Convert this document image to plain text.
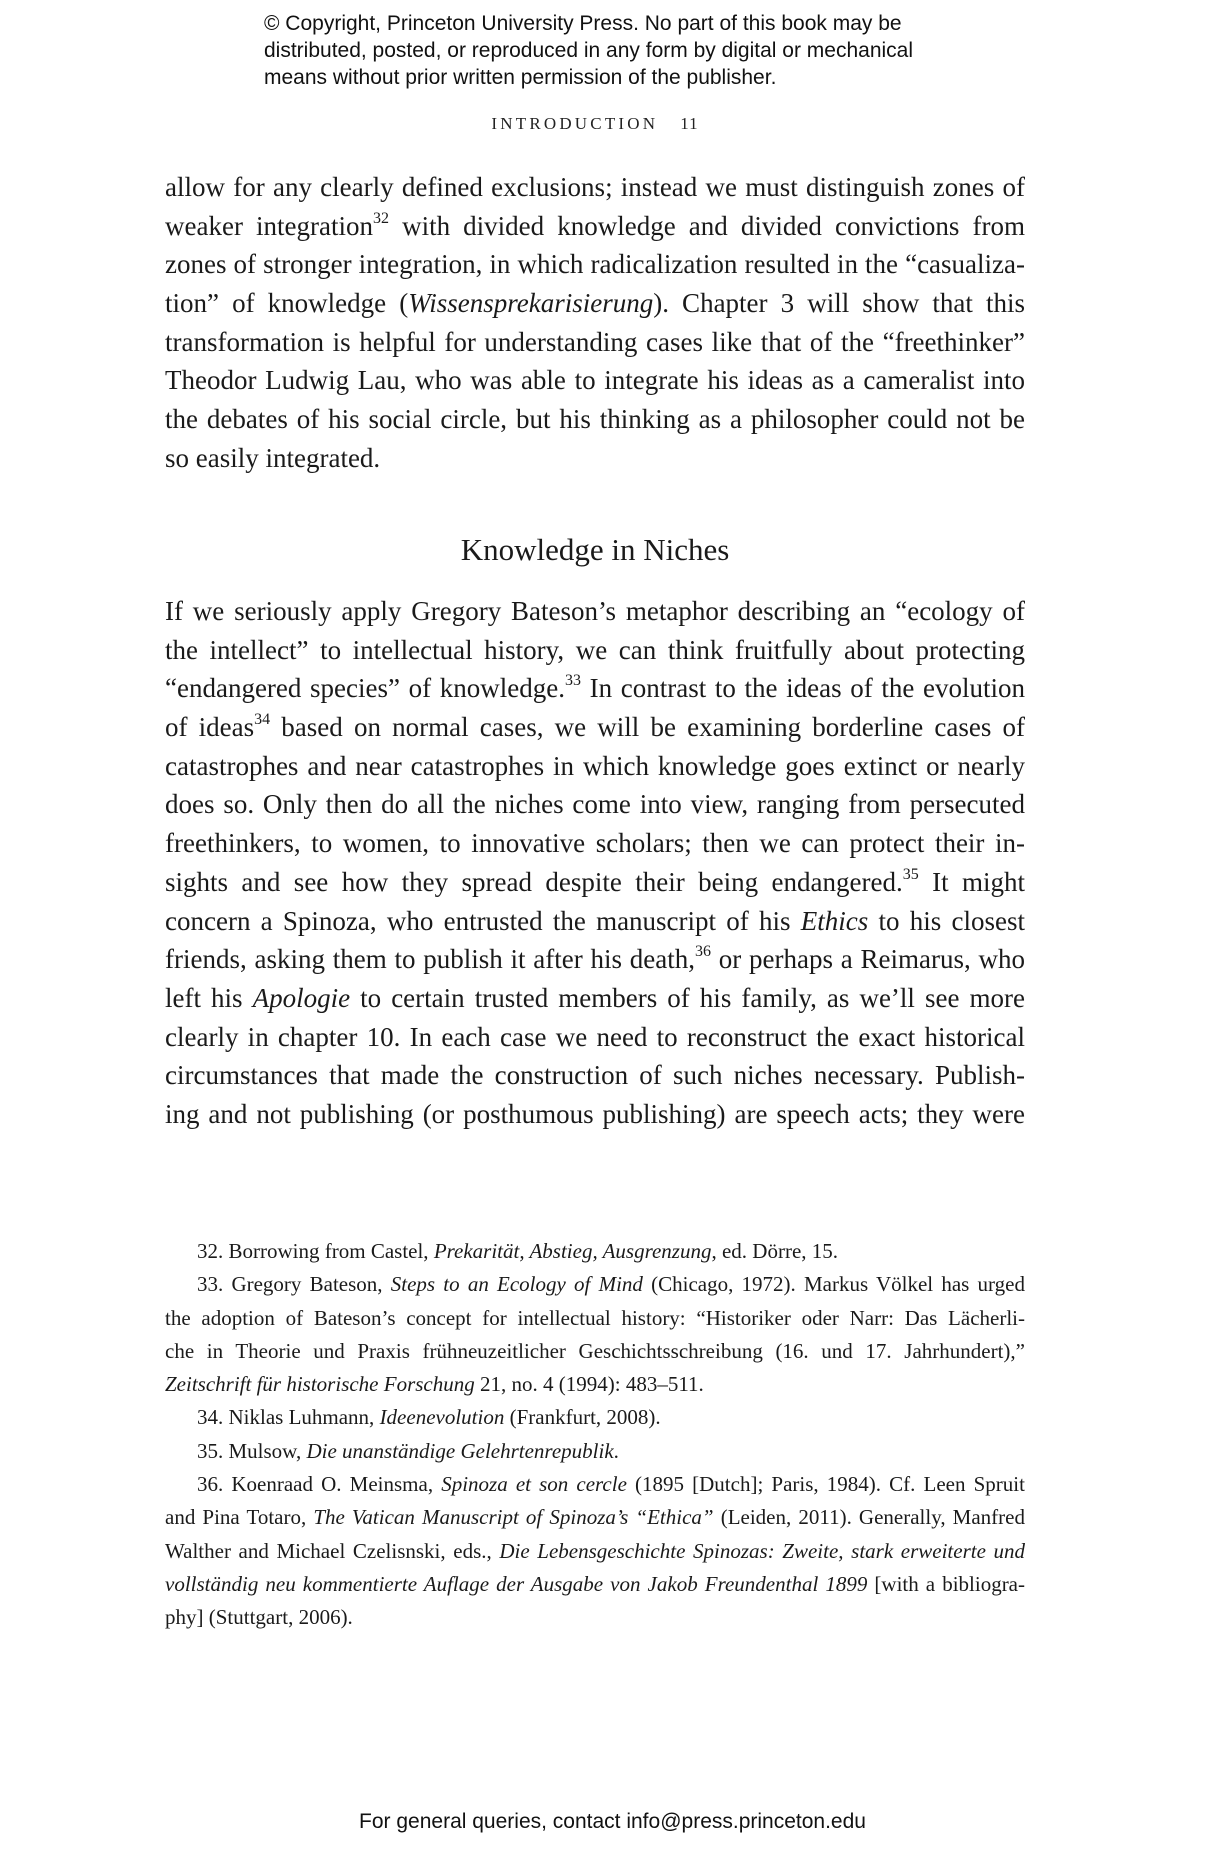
© Copyright, Princeton University Press. No part of this book may be
distributed, posted, or reproduced in any form by digital or mechanical
means without prior written permission of the publisher.
INTRODUCTION 11
allow for any clearly defined exclusions; instead we must distinguish zones of
weaker integration$^{32}$ with divided knowledge and divided convictions from
zones of stronger integration, in which radicalization resulted in the “casualiza-
tion” of knowledge (Wissensprekarisierung). Chapter 3 will show that this
transformation is helpful for understanding cases like that of the “freethinker”
Theodor Ludwig Lau, who was able to integrate his ideas as a cameralist into
the debates of his social circle, but his thinking as a philosopher could not be
so easily integrated.
Knowledge in Niches
If we seriously apply Gregory Bateson’s metaphor describing an “ecology of
the intellect” to intellectual history, we can think fruitfully about protecting
“endangered species” of knowledge.$^{33}$ In contrast to the ideas of the evolution
of ideas$^{34}$ based on normal cases, we will be examining borderline cases of
catastrophes and near catastrophes in which knowledge goes extinct or nearly
does so. Only then do all the niches come into view, ranging from persecuted
freethinkers, to women, to innovative scholars; then we can protect their in-
sights and see how they spread despite their being endangered.$^{35}$ It might
concern a Spinoza, who entrusted the manuscript of his Ethics to his closest
friends, asking them to publish it after his death,$^{36}$ or perhaps a Reimarus, who
left his Apologie to certain trusted members of his family, as we’ll see more
clearly in chapter 10. In each case we need to reconstruct the exact historical
circumstances that made the construction of such niches necessary. Publish-
ing and not publishing (or posthumous publishing) are speech acts; they were
32. Borrowing from Castel, Prekarität, Abstieg, Ausgrenzung, ed. Dörre, 15.
33. Gregory Bateson, Steps to an Ecology of Mind (Chicago, 1972). Markus Völkel has urged
the adoption of Bateson’s concept for intellectual history: “Historiker oder Narr: Das Lächerli-
che in Theorie und Praxis frühneuzeitlicher Geschichtsschreibung (16. und 17. Jahrhundert),”
Zeitschrift für historische Forschung 21, no. 4 (1994): 483–511.
34. Niklas Luhmann, Ideenevolution (Frankfurt, 2008).
35. Mulsow, Die unanständige Gelehrtenrepublik.
36. Koenraad O. Meinsma, Spinoza et son cercle (1895 [Dutch]; Paris, 1984). Cf. Leen Spruit
and Pina Totaro, The Vatican Manuscript of Spinoza’s “Ethica” (Leiden, 2011). Generally, Manfred
Walther and Michael Czelisnski, eds., Die Lebensgeschichte Spinozas: Zweite, stark erweiterte und
vollständig neu kommentierte Auflage der Ausgabe von Jakob Freundenthal 1899 [with a bibliogra-
phy] (Stuttgart, 2006).
For general queries, contact info@press.princeton.edu
